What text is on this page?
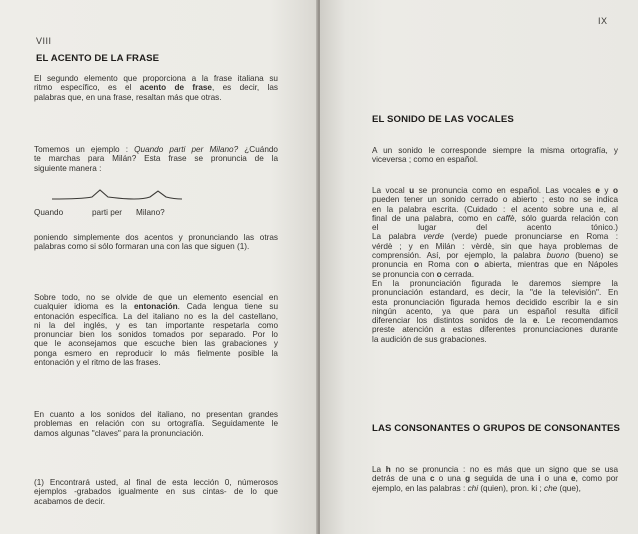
VIII
EL ACENTO DE LA FRASE
El segundo elemento que proporciona a la frase italiana su
ritmo específico, es el acento de frase, es decir, las
palabras que, en una frase, resaltan más que otras.
Tomemos un ejemplo : Quando parti per Milano? ¿Cuándo
te marchas para Milán? Esta frase se pronuncia de la
siguiente manera :
Quando	parti per Milano?
poniendo simplemente dos acentos y pronunciando las otras
palabras como si sólo formaran una con las que siguen (1).
Sobre todo, no se olvide de que un elemento esencial en
cualquier idioma es la entonación. Cada lengua tiene su
entonación específica. La del italiano no es la del castellano,
ni la del inglés, y es tan importante respetarla como
pronunciar bien los sonidos tomados por separado. Por lo
que le aconsejamos que escuche bien las grabaciones y
ponga esmero en reproducir lo más fielmente posible la
entonación y el ritmo de las frases.
En cuanto a los sonidos del italiano, no presentan grandes
problemas en relación con su ortografía. Seguidamente le
damos algunas "claves" para la pronunciación.
(1) Encontrará usted, al final de esta lección 0, númerosos
ejemplos -grabados igualmente en sus cintas- de lo que
acabamos de decir.
IX
EL SONIDO DE LAS VOCALES
A un sonido le corresponde siempre la misma ortografía, y
viceversa ; como en español.
La vocal u se pronuncia como en español. Las vocales e y o
pueden tener un sonido cerrado o abierto ; esto no se indica
en la palabra escrita. (Cuidado : el acento sobre una e, al
final de una palabra, como en caffè, sólo guarda relación con
el lugar del acento tónico.)
La palabra verde (verde) puede pronunciarse en Roma :
vérdè ; y en Milán : vèrdè, sin que haya problemas de
comprensión. Así, por ejemplo, la palabra buono (bueno) se
pronuncia en Roma con o abierta, mientras que en Nápoles
se pronuncia con o cerrada.
En la pronunciación figurada le daremos siempre la
pronunciación estandard, es decir, la "de la televisión". En
esta pronunciación figurada hemos decidido escribir la e sin
ningún acento, ya que para un español resulta difícil
diferenciar los distintos sonidos de la e. Le recomendamos
preste atención a estas diferentes pronunciaciones durante
la audición de sus grabaciones.
LAS CONSONANTES O GRUPOS DE CONSONANTES
La h no se pronuncia : no es más que un signo que se usa
detrás de una c o una g seguida de una i o una e, como por
ejemplo, en las palabras : chi (quien), pron. ki ; che (que),
